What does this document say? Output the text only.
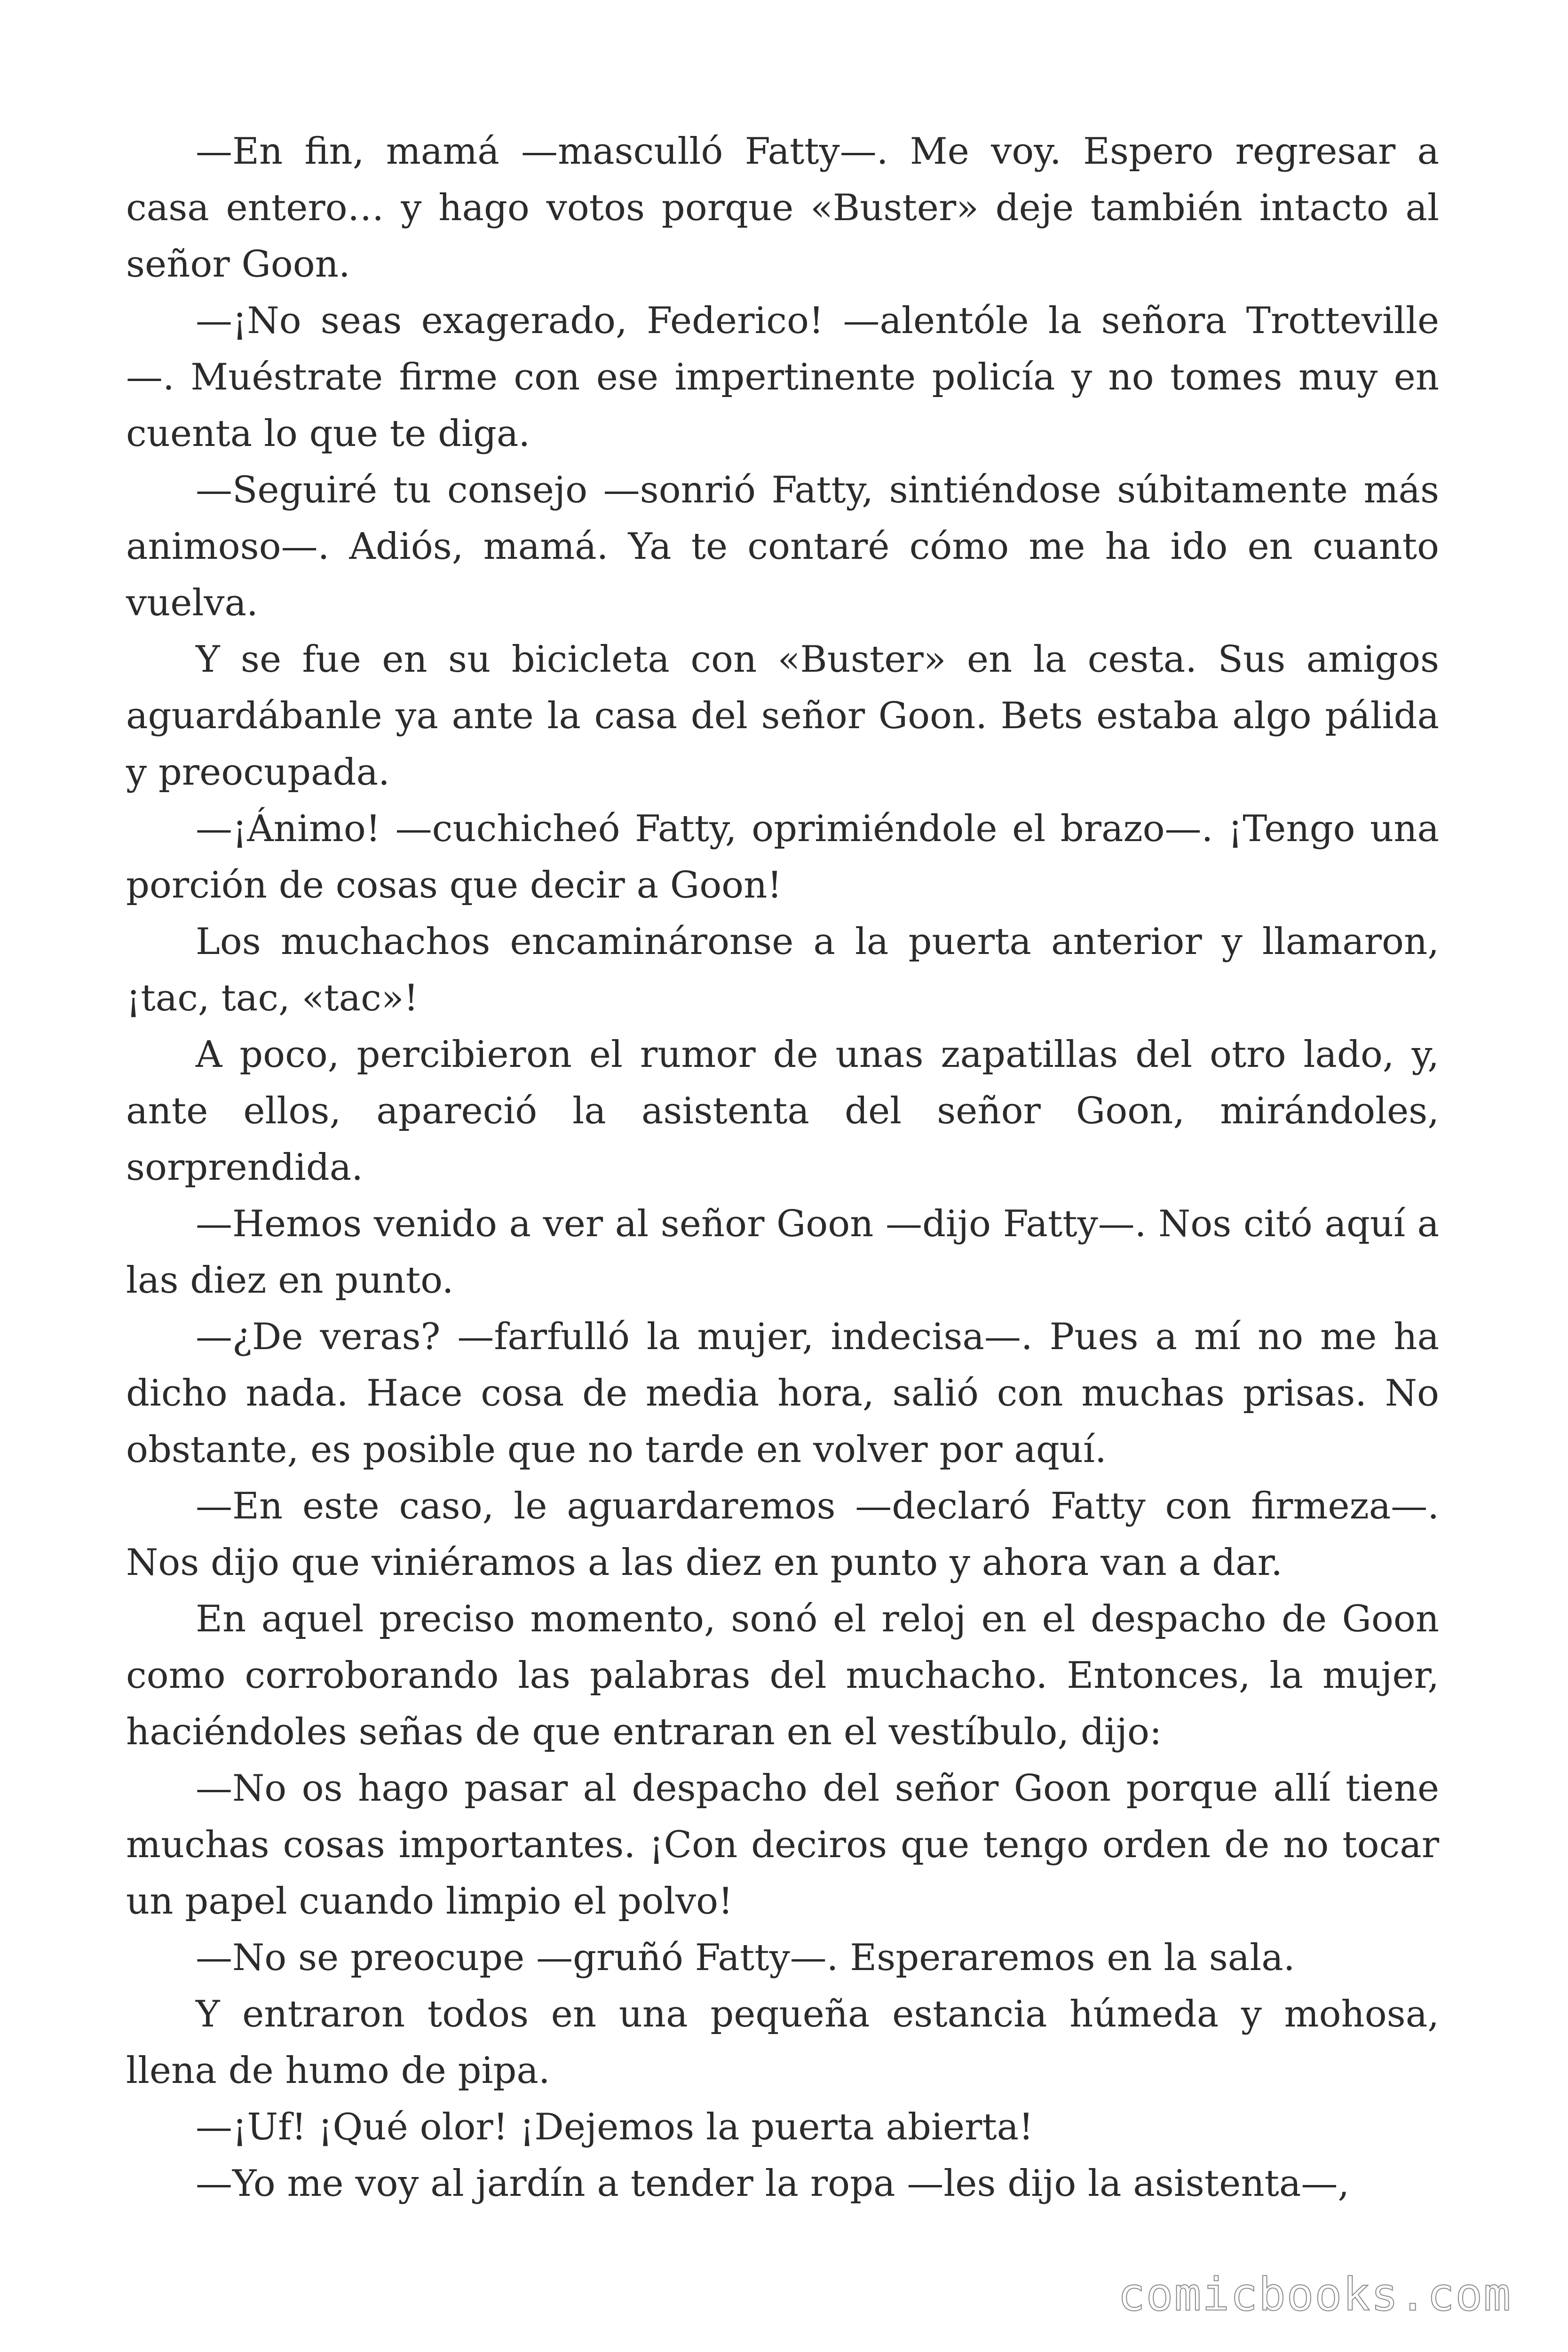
—En fin, mamá —mascullό Fatty—. Me voy. Espero regresar a casa entero… y hago votos porque «Buster» deje también intacto al señor Goon.

—¡No seas exagerado, Federico! —alentóle la señora Trotteville —. Muéstrate firme con ese impertinente policía y no tomes muy en cuenta lo que te diga.

—Seguiré tu consejo —sonrió Fatty, sintiéndose súbitamente más animoso—. Adiós, mamá. Ya te contaré cómo me ha ido en cuanto vuelva.

Y se fue en su bicicleta con «Buster» en la cesta. Sus amigos aguardábanle ya ante la casa del señor Goon. Bets estaba algo pálida y preocupada.

—¡Ánimo! —cuchicheó Fatty, oprimiéndole el brazo—. ¡Tengo una porción de cosas que decir a Goon!

Los muchachos encamináronse a la puerta anterior y llamaron, ¡tac, tac, «tac»!

A poco, percibieron el rumor de unas zapatillas del otro lado, y, ante ellos, apareció la asistenta del señor Goon, mirándoles, sorprendida.

—Hemos venido a ver al señor Goon —dijo Fatty—. Nos citó aquí a las diez en punto.

—¿De veras? —farfulló la mujer, indecisa—. Pues a mí no me ha dicho nada. Hace cosa de media hora, salió con muchas prisas. No obstante, es posible que no tarde en volver por aquí.

—En este caso, le aguardaremos —declaró Fatty con firmeza—. Nos dijo que viniéramos a las diez en punto y ahora van a dar.

En aquel preciso momento, sonó el reloj en el despacho de Goon como corroborando las palabras del muchacho. Entonces, la mujer, haciéndoles señas de que entraran en el vestíbulo, dijo:

—No os hago pasar al despacho del señor Goon porque allí tiene muchas cosas importantes. ¡Con deciros que tengo orden de no tocar un papel cuando limpio el polvo!

—No se preocupe —gruñó Fatty—. Esperaremos en la sala.

Y entraron todos en una pequeña estancia húmeda y mohosa, llena de humo de pipa.

—¡Uf! ¡Qué olor! ¡Dejemos la puerta abierta!

—Yo me voy al jardín a tender la ropa —les dijo la asistenta—,

comicbooks.com
